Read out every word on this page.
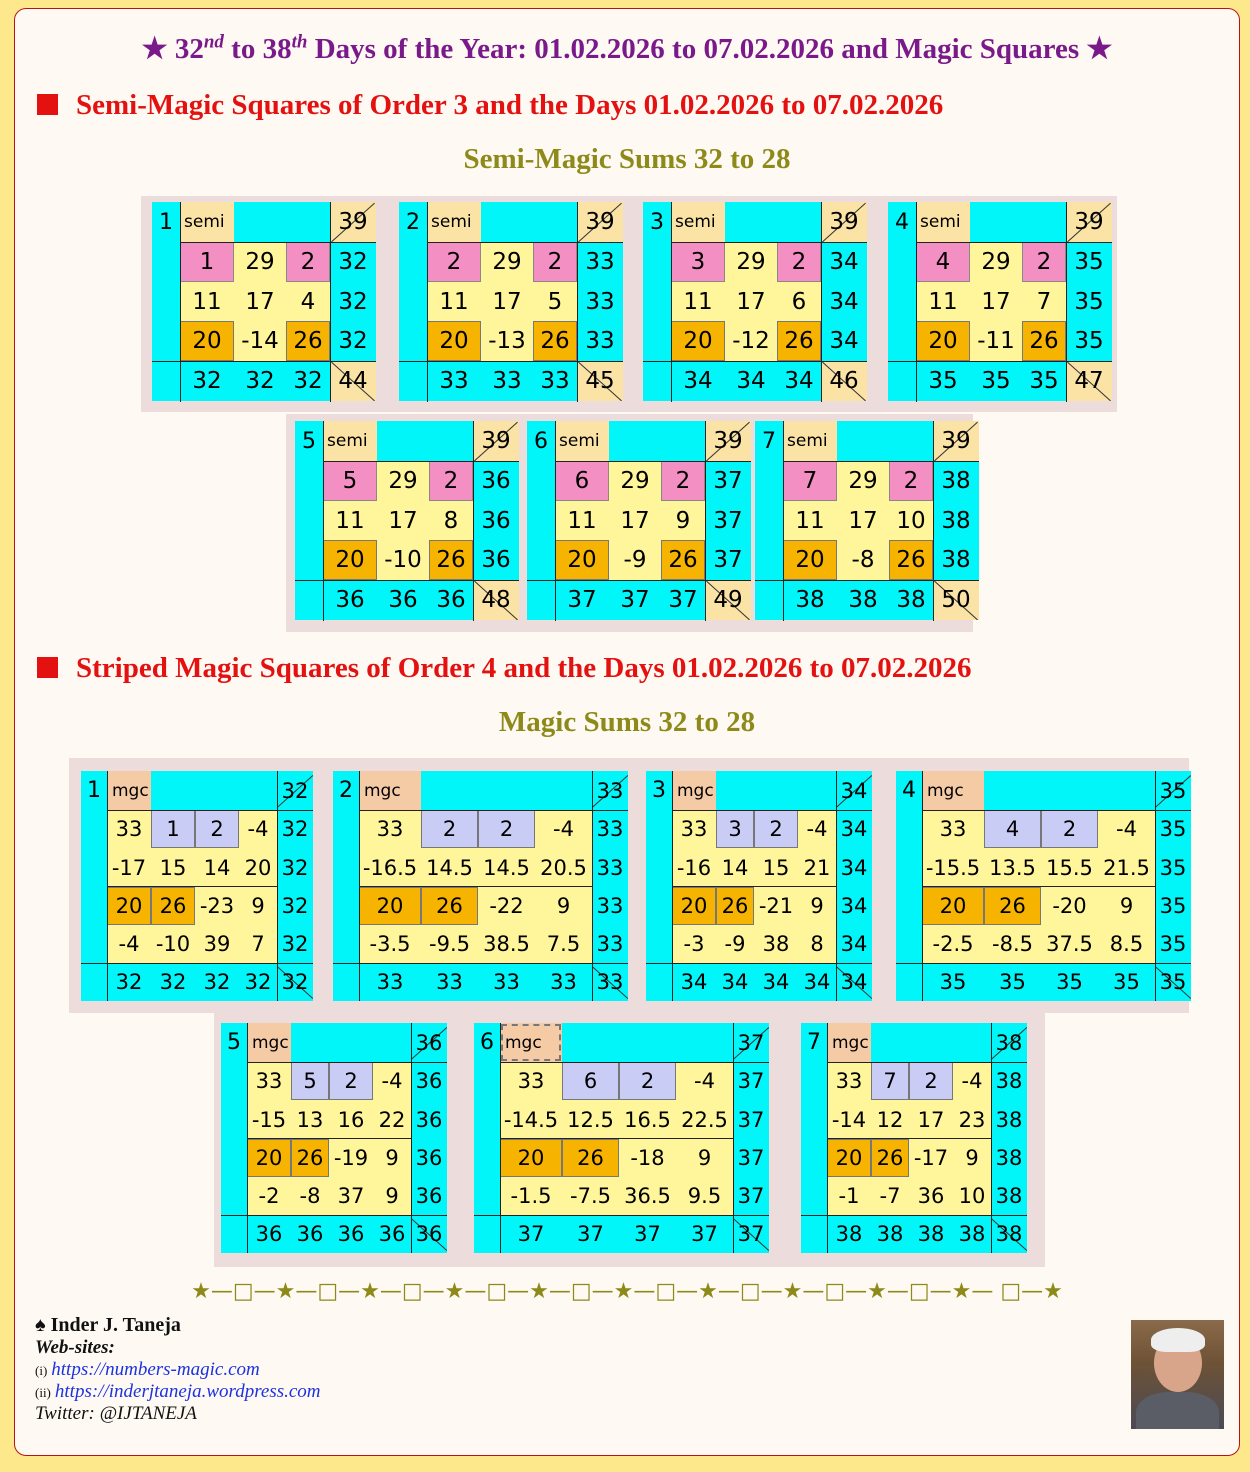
★ 32nd to 38th Days of the Year: 01.02.2026 to 07.02.2026 and Magic Squares ★
Semi-Magic Squares of Order 3 and the Days 01.02.2026 to 07.02.2026
Semi-Magic Sums 32 to 28
Striped Magic Squares of Order 4 and the Days 01.02.2026 to 07.02.2026
Magic Sums 32 to 28
1 semi	39
1	29	2	32
11	17	4	32
20 -14 26 32
32	32 32 44
2 semi	39
2	29	2	33
11	17	5	33
20 -13 26 33
33	33 33 45
3 semi	39
3	29	2	34
11	17	6	34
20 -12 26 34
34	34 34 46
4 semi	39
4	29	2	35
11	17	7	35
20 -11 26 35
35	35 35 47
5 semi	39
5	29	2	36
11	17	8	36
20 -10 26 36
36	36 36 48
6 semi	39
6	29	2	37
11	17	9	37
20	-9 26 37
37	37 37 49
7 semi	39
7	29	2	38
11	17 10 38
20	-8 26 38
38	38 38 50
1 mgc	32
33	1	2	-4 32
-17 15 14 20 32
20 26 -23 9 32
-4 -10 39 7 32
32 32 32 32 32
2 mgc	33
33	2	2	-4	33
-16.5 14.5 14.5 20.5 33
20	26	-22	9	33
-3.5 -9.5 38.5 7.5 33
33	33	33	33 33
3 mgc	34
33 3	2	-4 34
-16 14 15 21 34
20 26 -21 9 34
-3 -9 38 8 34
34 34 34 34 34
4 mgc	35
33	4	2	-4	35
-15.5 13.5 15.5 21.5 35
20	26	-20	9	35
-2.5 -8.5 37.5 8.5 35
35	35	35	35 35
5 mgc	36
33 5	2	-4 36
-15 13 16 22 36
20 26 -19 9 36
-2 -8 37 9 36
36 36 36 36 36
6 mgc	37
33	6	2	-4	37
-14.5 12.5 16.5 22.5 37
20	26	-18	9	37
-1.5 -7.5 36.5 9.5 37
37	37	37	37 37
7 mgc	38
33 7	2	-4 38
-14 12 17 23 38
20 26 -17 9 38
-1 -7 36 10 38
38 38 38 38 38
★—□—★—□—★—□—★—□—★—□—★—□—★—□—★—□—★—□—★— □—★
♠ Inder J. Taneja
Web-sites:
(i) https://numbers-magic.com
(ii) https://inderjtaneja.wordpress.com
Twitter: @IJTANEJA
